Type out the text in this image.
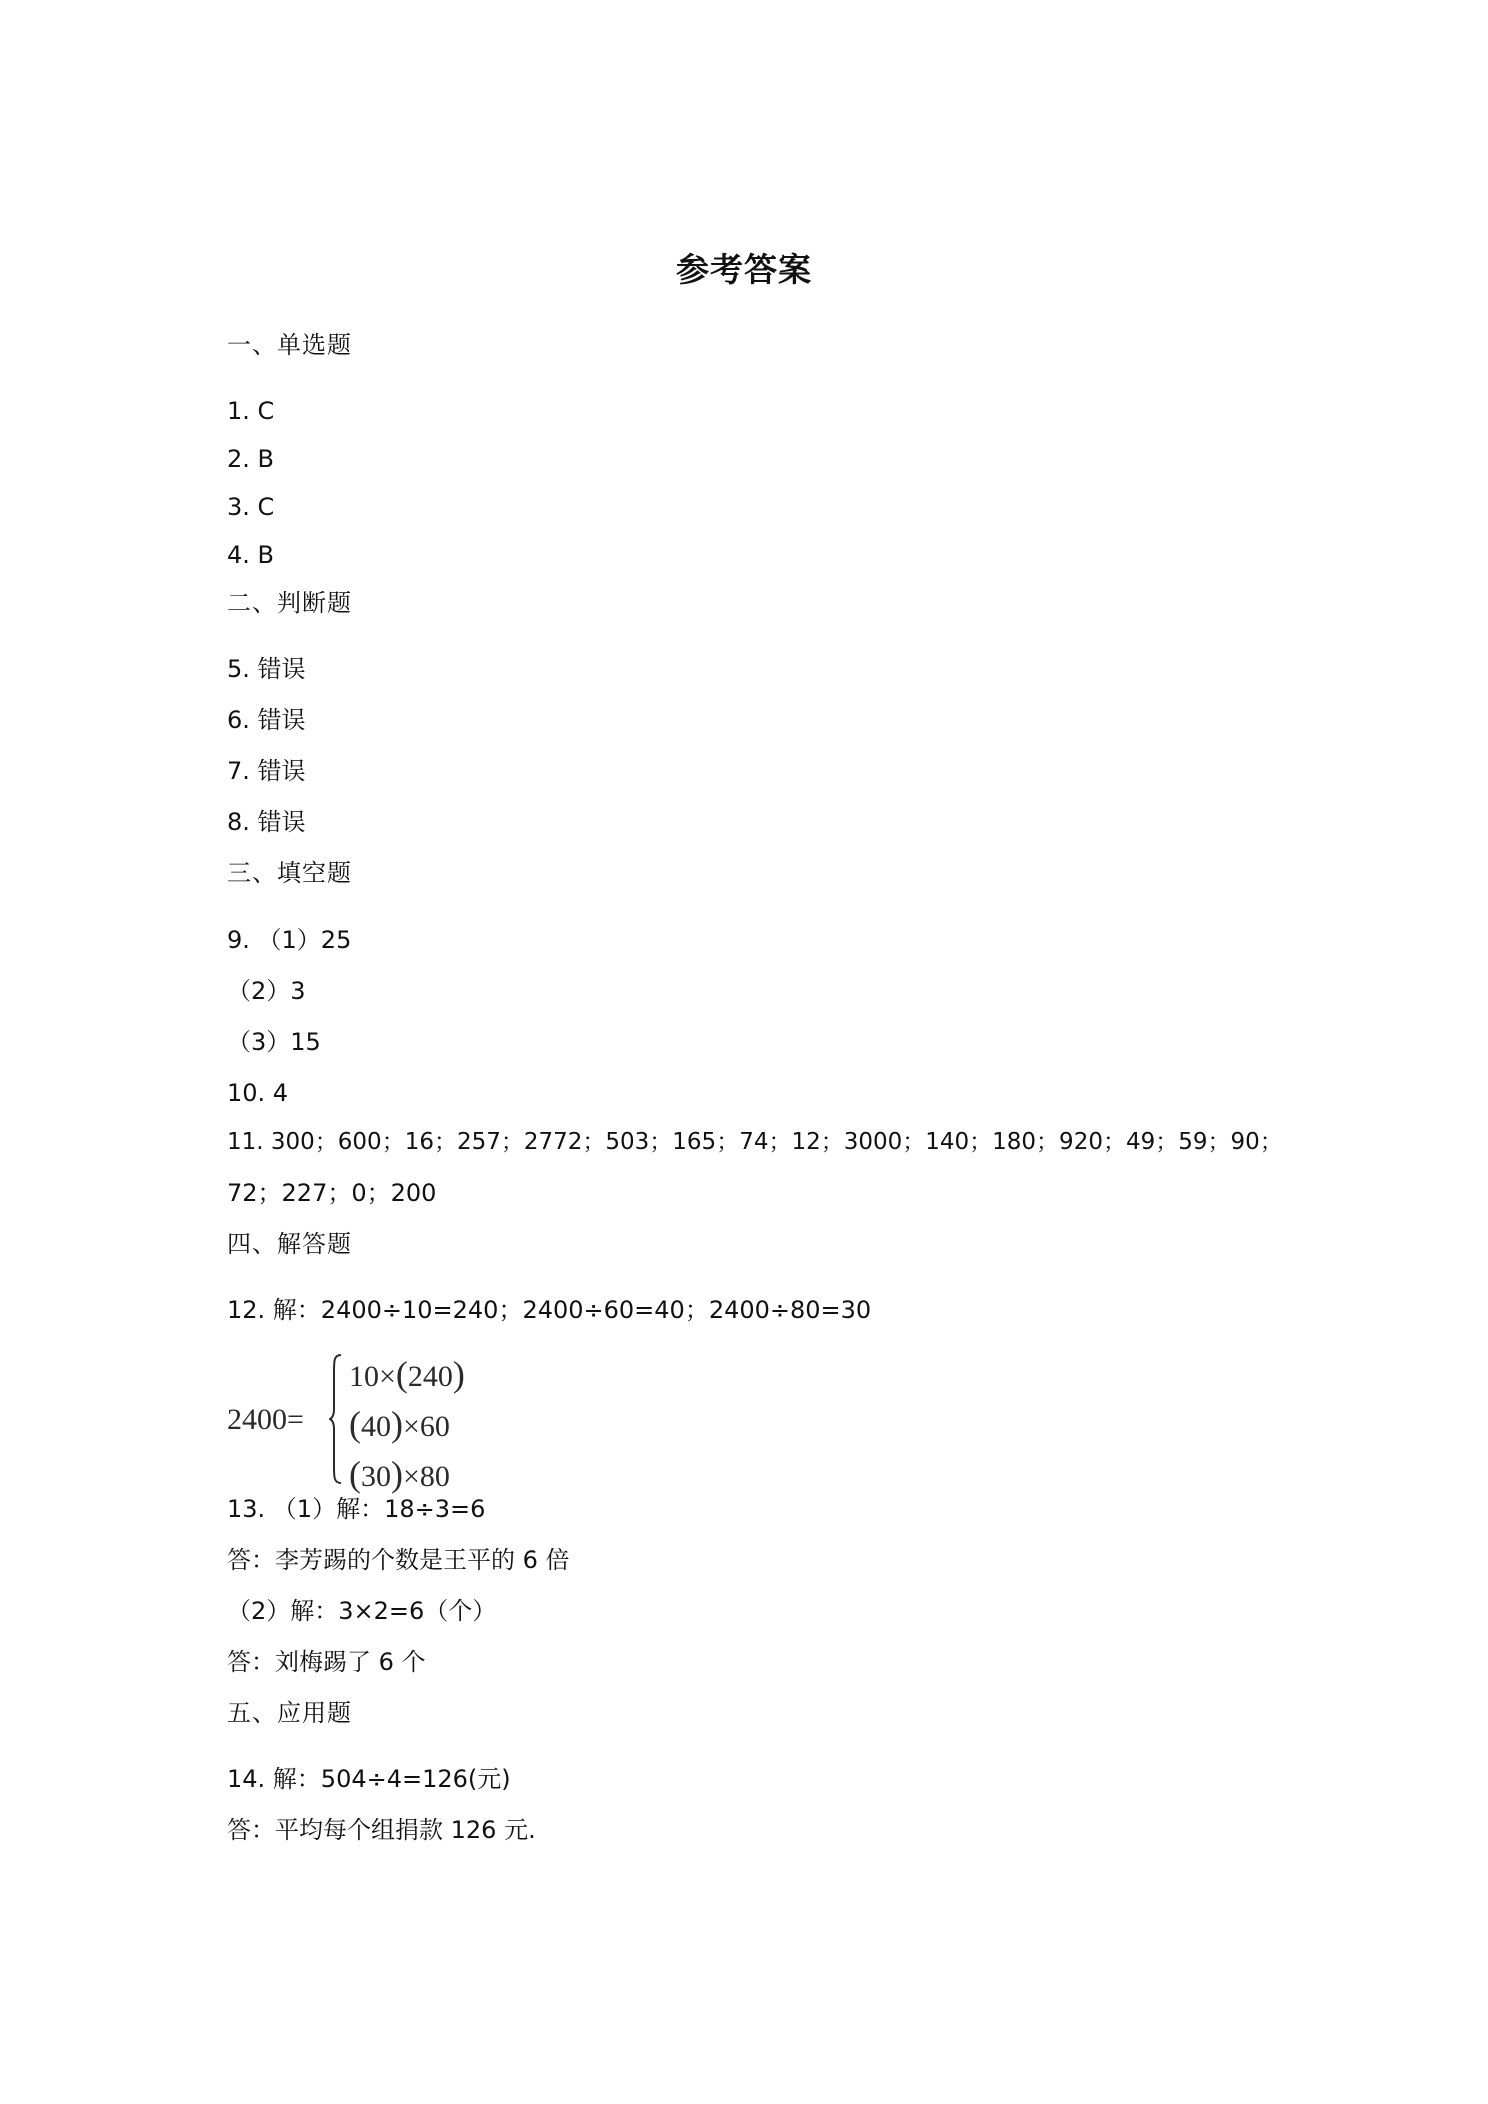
参考答案
一、单选题
1. C
2. B
3. C
4. B
二、判断题
5. 错误
6. 错误
7. 错误
8. 错误
三、填空题
9. （1）25
（2）3
（3）15
10. 4
11. 300；600；16；257；2772；503；165；74；12；3000；140；180；920；49；59；90；
72；227；0；200
四、解答题
12. 解：2400÷10=240；2400÷60=40；2400÷80=30
2400=
10×(240)
(40)×60
(30)×80
13. （1）解：18÷3=6
答：李芳踢的个数是王平的 6 倍
（2）解：3×2=6（个）
答：刘梅踢了 6 个
五、应用题
14. 解：504÷4=126(元)
答：平均每个组捐款 126 元.
